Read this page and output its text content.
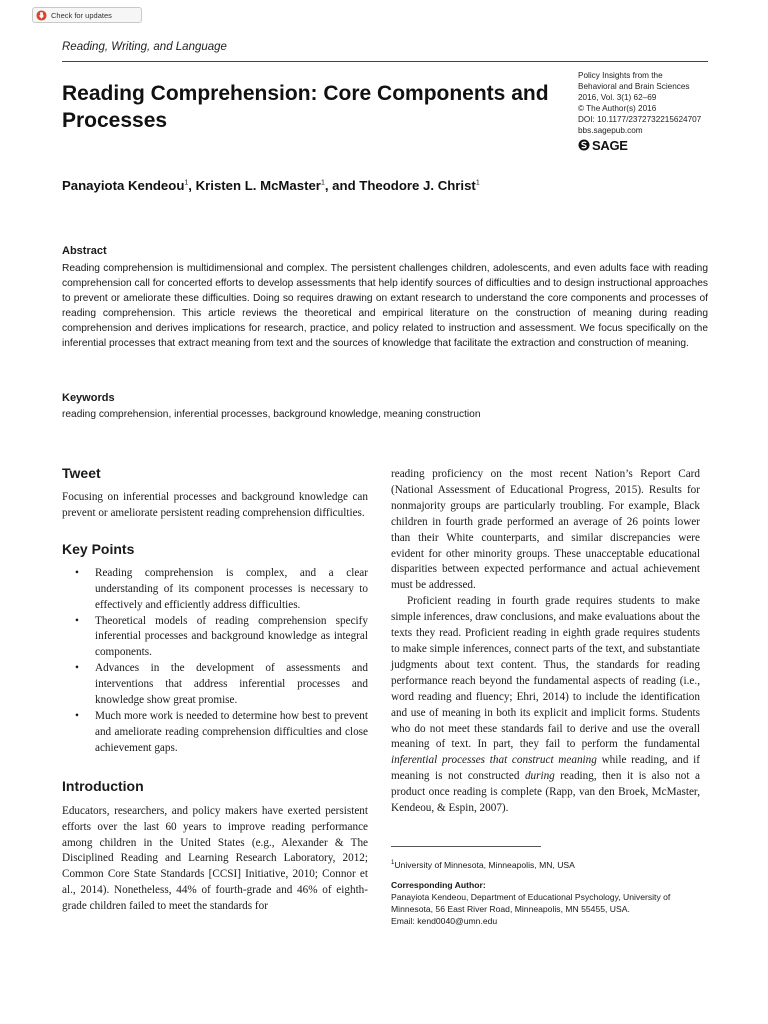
Check for updates
Reading, Writing, and Language
Reading Comprehension: Core Components and Processes
Policy Insights from the
Behavioral and Brain Sciences
2016, Vol. 3(1) 62–69
© The Author(s) 2016
DOI: 10.1177/2372732215624707
bbs.sagepub.com
SAGE
Panayiota Kendeou$^1$, Kristen L. McMaster$^1$, and Theodore J. Christ$^1$
Abstract

Reading comprehension is multidimensional and complex. The persistent challenges children, adolescents, and even adults face with reading comprehension call for concerted efforts to develop assessments that help identify sources of difficulties and to design instructional approaches to prevent or ameliorate these difficulties. Doing so requires drawing on extant research to understand the core components and processes of reading comprehension. This article reviews the theoretical and empirical literature on the construction of meaning during reading comprehension and derives implications for research, practice, and policy related to instruction and assessment. We focus specifically on the inferential processes that extract meaning from text and the sources of knowledge that facilitate the extraction and construction of meaning.

Keywords
reading comprehension, inferential processes, background knowledge, meaning construction
Tweet

Focusing on inferential processes and background knowledge can prevent or ameliorate persistent reading comprehension difficulties.

Key Points
• Reading comprehension is complex, and a clear understanding of its component processes is necessary to effectively and efficiently address difficulties.
• Theoretical models of reading comprehension specify inferential processes and background knowledge as integral components.
• Advances in the development of assessments and interventions that address inferential processes and knowledge show great promise.
• Much more work is needed to determine how best to prevent and ameliorate reading comprehension difficulties and close achievement gaps.
Introduction

Educators, researchers, and policy makers have exerted persistent efforts over the last 60 years to improve reading performance among children in the United States (e.g., Alexander & The Disciplined Reading and Learning Research Laboratory, 2012; Common Core State Standards [CCSI] Initiative, 2010; Connor et al., 2014). Nonetheless, 44% of fourth-grade and 46% of eighth-grade children failed to meet the standards for

reading proficiency on the most recent Nation’s Report Card (National Assessment of Educational Progress, 2015). Results for nonmajority groups are particularly troubling. For example, Black children in fourth grade performed an average of 26 points lower than their White counterparts, and similar discrepancies were evident for other minority groups. These unacceptable educational disparities between expected performance and actual achievement must be addressed.

Proficient reading in fourth grade requires students to make simple inferences, draw conclusions, and make evaluations about the texts they read. Proficient reading in eighth grade requires students to make simple inferences, connect parts of the text, and substantiate judgments about text content. Thus, the standards for reading performance reach beyond the fundamental aspects of reading (i.e., word reading and fluency; Ehri, 2014) to include the identification and use of meaning in both its explicit and implicit forms. Students who do not meet these standards fail to derive and use the overall meaning of text. In part, they fail to perform the fundamental inferential processes that construct meaning while reading, and if meaning is not constructed during reading, then it is also not a product once reading is complete (Rapp, van den Broek, McMaster, Kendeou, & Espin, 2007).

$^1$University of Minnesota, Minneapolis, MN, USA
Corresponding Author:
Panayiota Kendeou, Department of Educational Psychology, University of
Minnesota, 56 East River Road, Minneapolis, MN 55455, USA.
Email: kend0040@umn.edu
